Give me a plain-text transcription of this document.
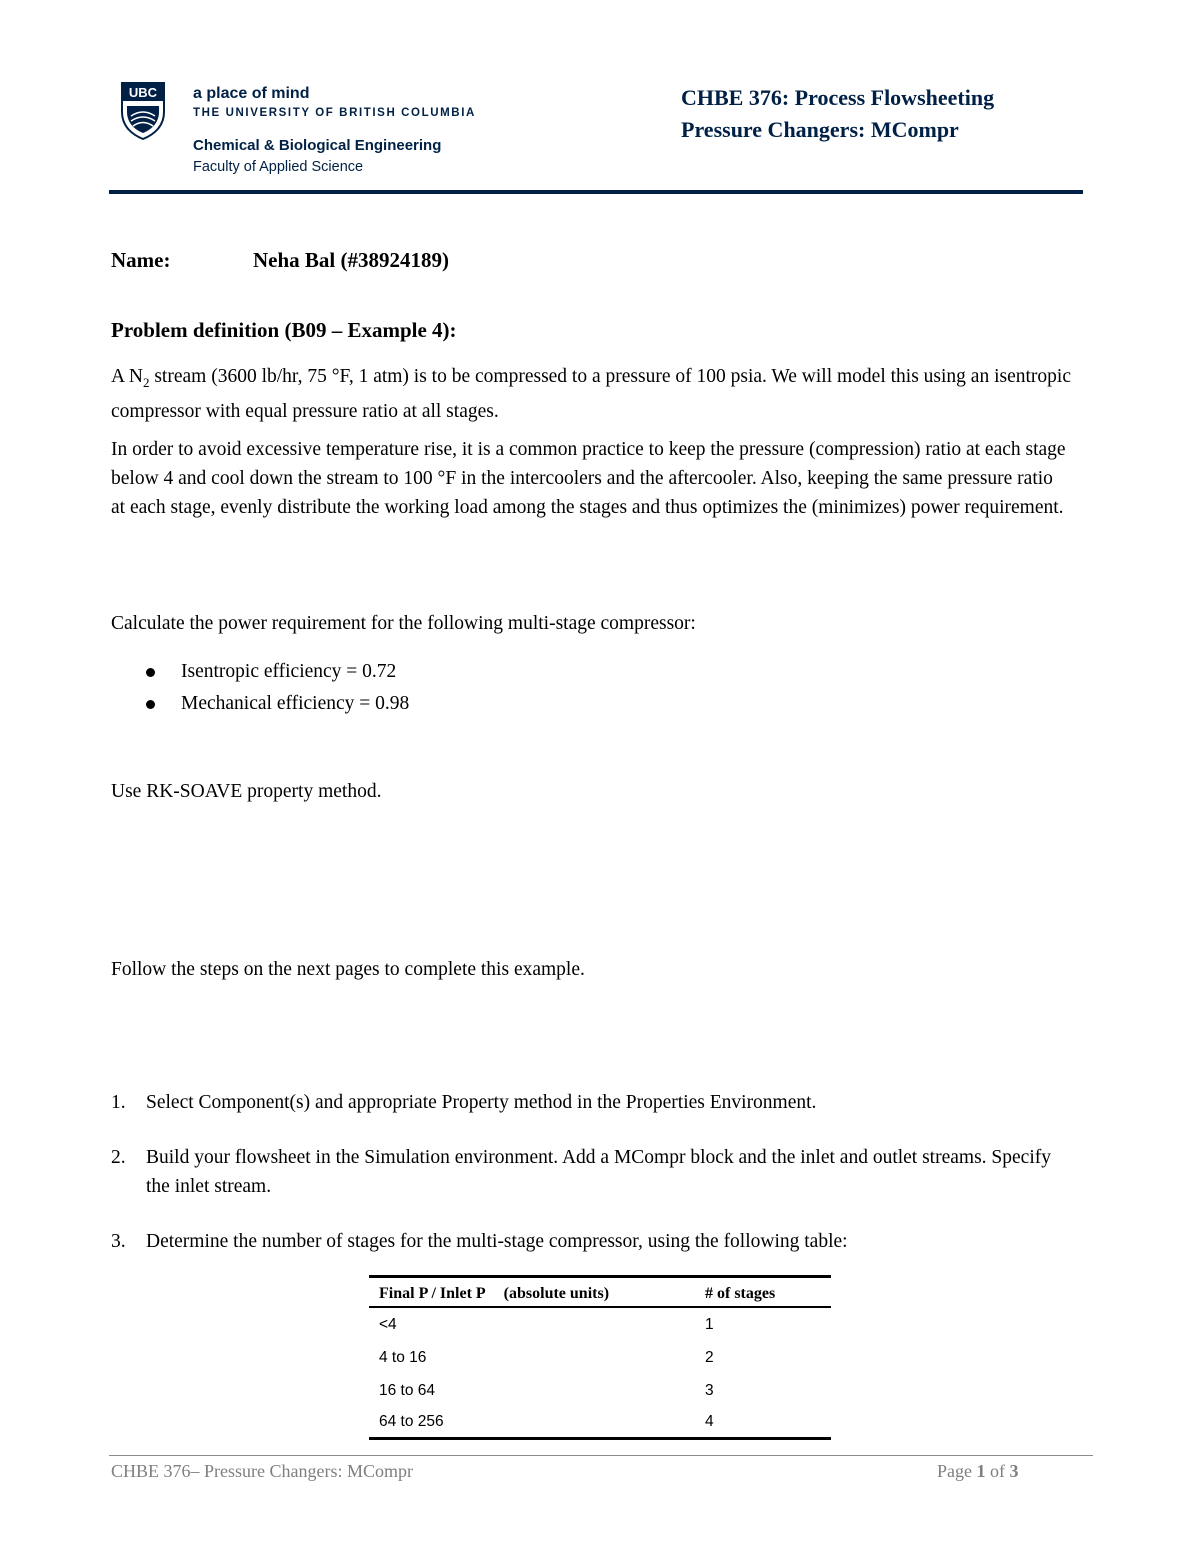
UBC a place of mind
THE UNIVERSITY OF BRITISH COLUMBIA
Chemical & Biological Engineering
Faculty of Applied Science
CHBE 376: Process Flowsheeting
Pressure Changers: MCompr
Name:	Neha Bal (#38924189)
Problem definition (B09 – Example 4):
A $N_2$ stream (3600 lb/hr, 75 °F, 1 atm) is to be compressed to a pressure of 100 psia. We will model this using an isentropic compressor with equal pressure ratio at all stages.
In order to avoid excessive temperature rise, it is a common practice to keep the pressure (compression) ratio at each stage below 4 and cool down the stream to 100 °F in the intercoolers and the aftercooler. Also, keeping the same pressure ratio at each stage, evenly distribute the working load among the stages and thus optimizes the (minimizes) power requirement.
Calculate the power requirement for the following multi-stage compressor:
Isentropic efficiency = 0.72
Mechanical efficiency = 0.98
Use RK-SOAVE property method.
Follow the steps on the next pages to complete this example.
1. Select Component(s) and appropriate Property method in the Properties Environment.
2. Build your flowsheet in the Simulation environment. Add a MCompr block and the inlet and outlet streams. Specify the inlet stream.
3. Determine the number of stages for the multi-stage compressor, using the following table:
Final P / Inlet P (absolute units)	# of stages
<4	1
4 to 16	2
16 to 64	3
64 to 256	4
CHBE 376– Pressure Changers: MCompr	Page 1 of 3
